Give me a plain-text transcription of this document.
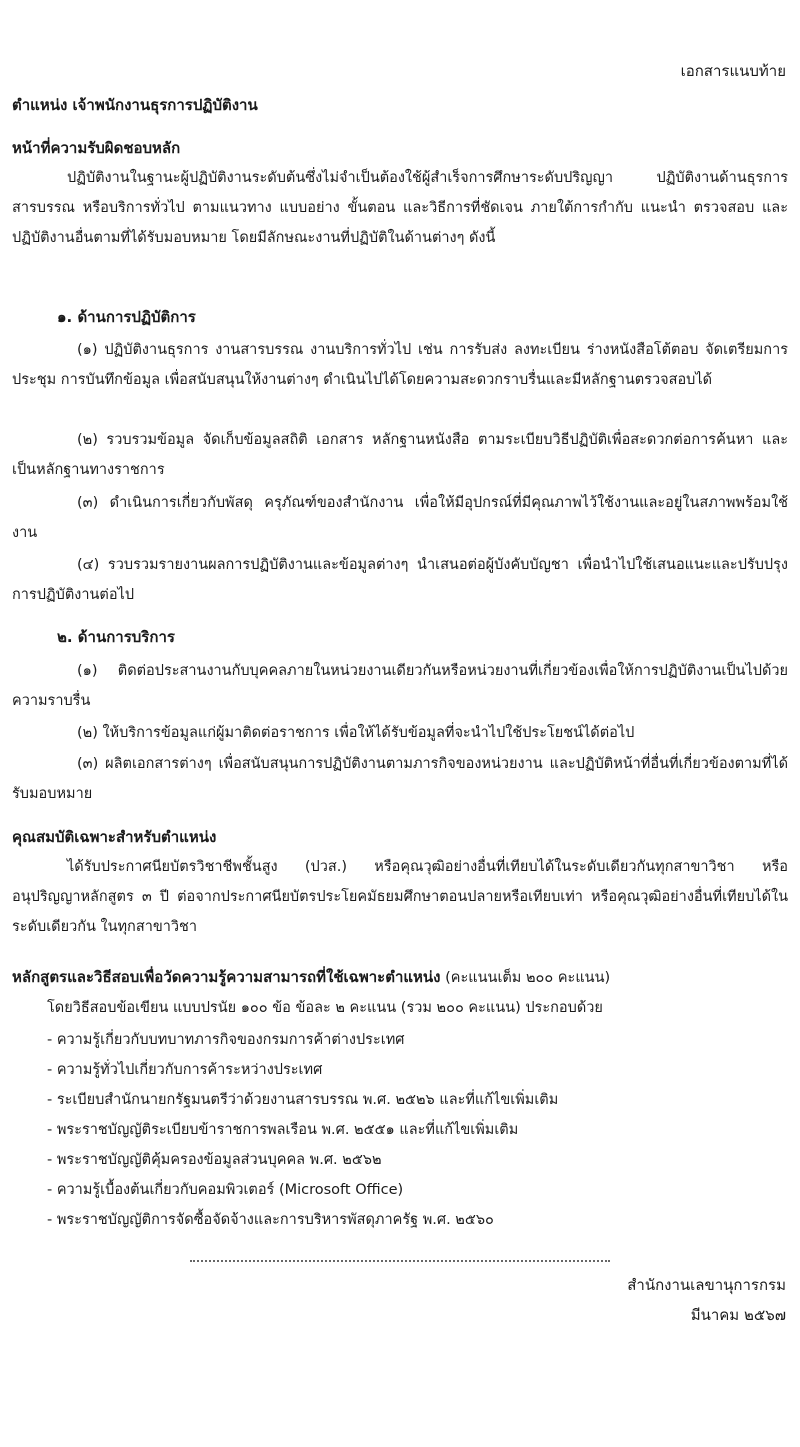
เอกสารแนบท้าย
ตำแหน่ง เจ้าพนักงานธุรการปฏิบัติงาน
หน้าที่ความรับผิดชอบหลัก
ปฏิบัติงานในฐานะผู้ปฏิบัติงานระดับต้นซึ่งไม่จำเป็นต้องใช้ผู้สำเร็จการศึกษาระดับปริญญา ปฏิบัติงานด้านธุรการ สารบรรณ หรือบริการทั่วไป ตามแนวทาง แบบอย่าง ขั้นตอน และวิธีการที่ชัดเจน ภายใต้การกำกับ แนะนำ ตรวจสอบ และปฏิบัติงานอื่นตามที่ได้รับมอบหมาย โดยมีลักษณะงานที่ปฏิบัติในด้านต่างๆ ดังนี้
๑. ด้านการปฏิบัติการ
(๑) ปฏิบัติงานธุรการ งานสารบรรณ งานบริการทั่วไป เช่น การรับส่ง ลงทะเบียน ร่างหนังสือโต้ตอบ จัดเตรียมการประชุม การบันทึกข้อมูล เพื่อสนับสนุนให้งานต่างๆ ดำเนินไปได้โดยความสะดวกราบรื่นและมีหลักฐานตรวจสอบได้
(๒) รวบรวมข้อมูล จัดเก็บข้อมูลสถิติ เอกสาร หลักฐานหนังสือ ตามระเบียบวิธีปฏิบัติเพื่อสะดวกต่อการค้นหา และเป็นหลักฐานทางราชการ
(๓) ดำเนินการเกี่ยวกับพัสดุ ครุภัณฑ์ของสำนักงาน เพื่อให้มีอุปกรณ์ที่มีคุณภาพไว้ใช้งานและอยู่ในสภาพพร้อมใช้งาน
(๔) รวบรวมรายงานผลการปฏิบัติงานและข้อมูลต่างๆ นำเสนอต่อผู้บังคับบัญชา เพื่อนำไปใช้เสนอแนะและปรับปรุงการปฏิบัติงานต่อไป
๒. ด้านการบริการ
(๑) ติดต่อประสานงานกับบุคคลภายในหน่วยงานเดียวกันหรือหน่วยงานที่เกี่ยวข้องเพื่อให้การปฏิบัติงานเป็นไปด้วยความราบรื่น
(๒) ให้บริการข้อมูลแก่ผู้มาติดต่อราชการ เพื่อให้ได้รับข้อมูลที่จะนำไปใช้ประโยชน์ได้ต่อไป
(๓) ผลิตเอกสารต่างๆ เพื่อสนับสนุนการปฏิบัติงานตามภารกิจของหน่วยงาน และปฏิบัติหน้าที่อื่นที่เกี่ยวข้องตามที่ได้รับมอบหมาย
คุณสมบัติเฉพาะสำหรับตำแหน่ง
ได้รับประกาศนียบัตรวิชาชีพชั้นสูง (ปวส.) หรือคุณวุฒิอย่างอื่นที่เทียบได้ในระดับเดียวกันทุกสาขาวิชา หรืออนุปริญญาหลักสูตร ๓ ปี ต่อจากประกาศนียบัตรประโยคมัธยมศึกษาตอนปลายหรือเทียบเท่า หรือคุณวุฒิอย่างอื่นที่เทียบได้ในระดับเดียวกัน ในทุกสาขาวิชา
หลักสูตรและวิธีสอบเพื่อวัดความรู้ความสามารถที่ใช้เฉพาะตำแหน่ง (คะแนนเต็ม ๒๐๐ คะแนน)
โดยวิธีสอบข้อเขียน แบบปรนัย ๑๐๐ ข้อ ข้อละ ๒ คะแนน (รวม ๒๐๐ คะแนน) ประกอบด้วย
- ความรู้เกี่ยวกับบทบาทภารกิจของกรมการค้าต่างประเทศ
- ความรู้ทั่วไปเกี่ยวกับการค้าระหว่างประเทศ
- ระเบียบสำนักนายกรัฐมนตรีว่าด้วยงานสารบรรณ พ.ศ. ๒๕๒๖ และที่แก้ไขเพิ่มเติม
- พระราชบัญญัติระเบียบข้าราชการพลเรือน พ.ศ. ๒๕๕๑ และที่แก้ไขเพิ่มเติม
- พระราชบัญญัติคุ้มครองข้อมูลส่วนบุคคล พ.ศ. ๒๕๖๒
- ความรู้เบื้องต้นเกี่ยวกับคอมพิวเตอร์ (Microsoft Office)
- พระราชบัญญัติการจัดซื้อจัดจ้างและการบริหารพัสดุภาครัฐ พ.ศ. ๒๕๖๐
สำนักงานเลขานุการกรม
มีนาคม ๒๕๖๗
